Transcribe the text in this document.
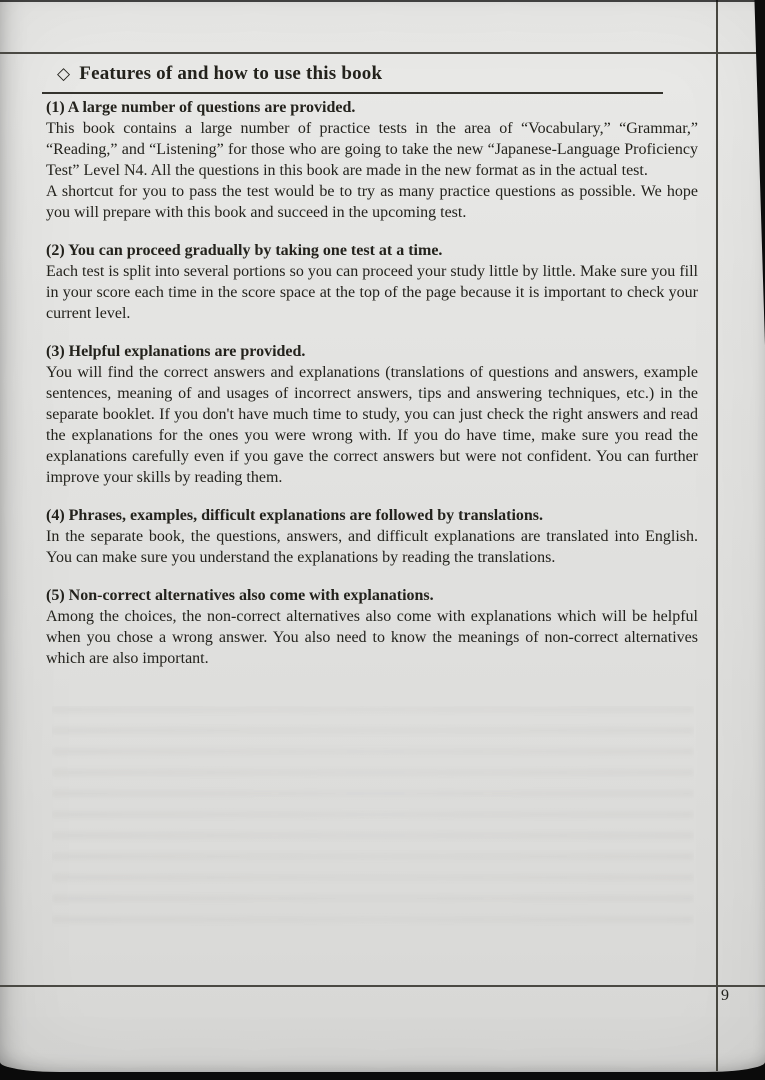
◇ Features of and how to use this book
(1) A large number of questions are provided.

This book contains a large number of practice tests in the area of “Vocabulary,” “Grammar,” “Reading,” and “Listening” for those who are going to take the new “Japanese-Language Proficiency Test” Level N4. All the questions in this book are made in the new format as in the actual test.

A shortcut for you to pass the test would be to try as many practice questions as possible. We hope you will prepare with this book and succeed in the upcoming test.

(2) You can proceed gradually by taking one test at a time.

Each test is split into several portions so you can proceed your study little by little. Make sure you fill in your score each time in the score space at the top of the page because it is important to check your current level.

(3) Helpful explanations are provided.

You will find the correct answers and explanations (translations of questions and answers, example sentences, meaning of and usages of incorrect answers, tips and answering techniques, etc.) in the separate booklet. If you don't have much time to study, you can just check the right answers and read the explanations for the ones you were wrong with. If you do have time, make sure you read the explanations carefully even if you gave the correct answers but were not confident. You can further improve your skills by reading them.

(4) Phrases, examples, difficult explanations are followed by translations.

In the separate book, the questions, answers, and difficult explanations are translated into English. You can make sure you understand the explanations by reading the translations.

(5) Non-correct alternatives also come with explanations.

Among the choices, the non-correct alternatives also come with explanations which will be helpful when you chose a wrong answer. You also need to know the meanings of non-correct alternatives which are also important.

9
